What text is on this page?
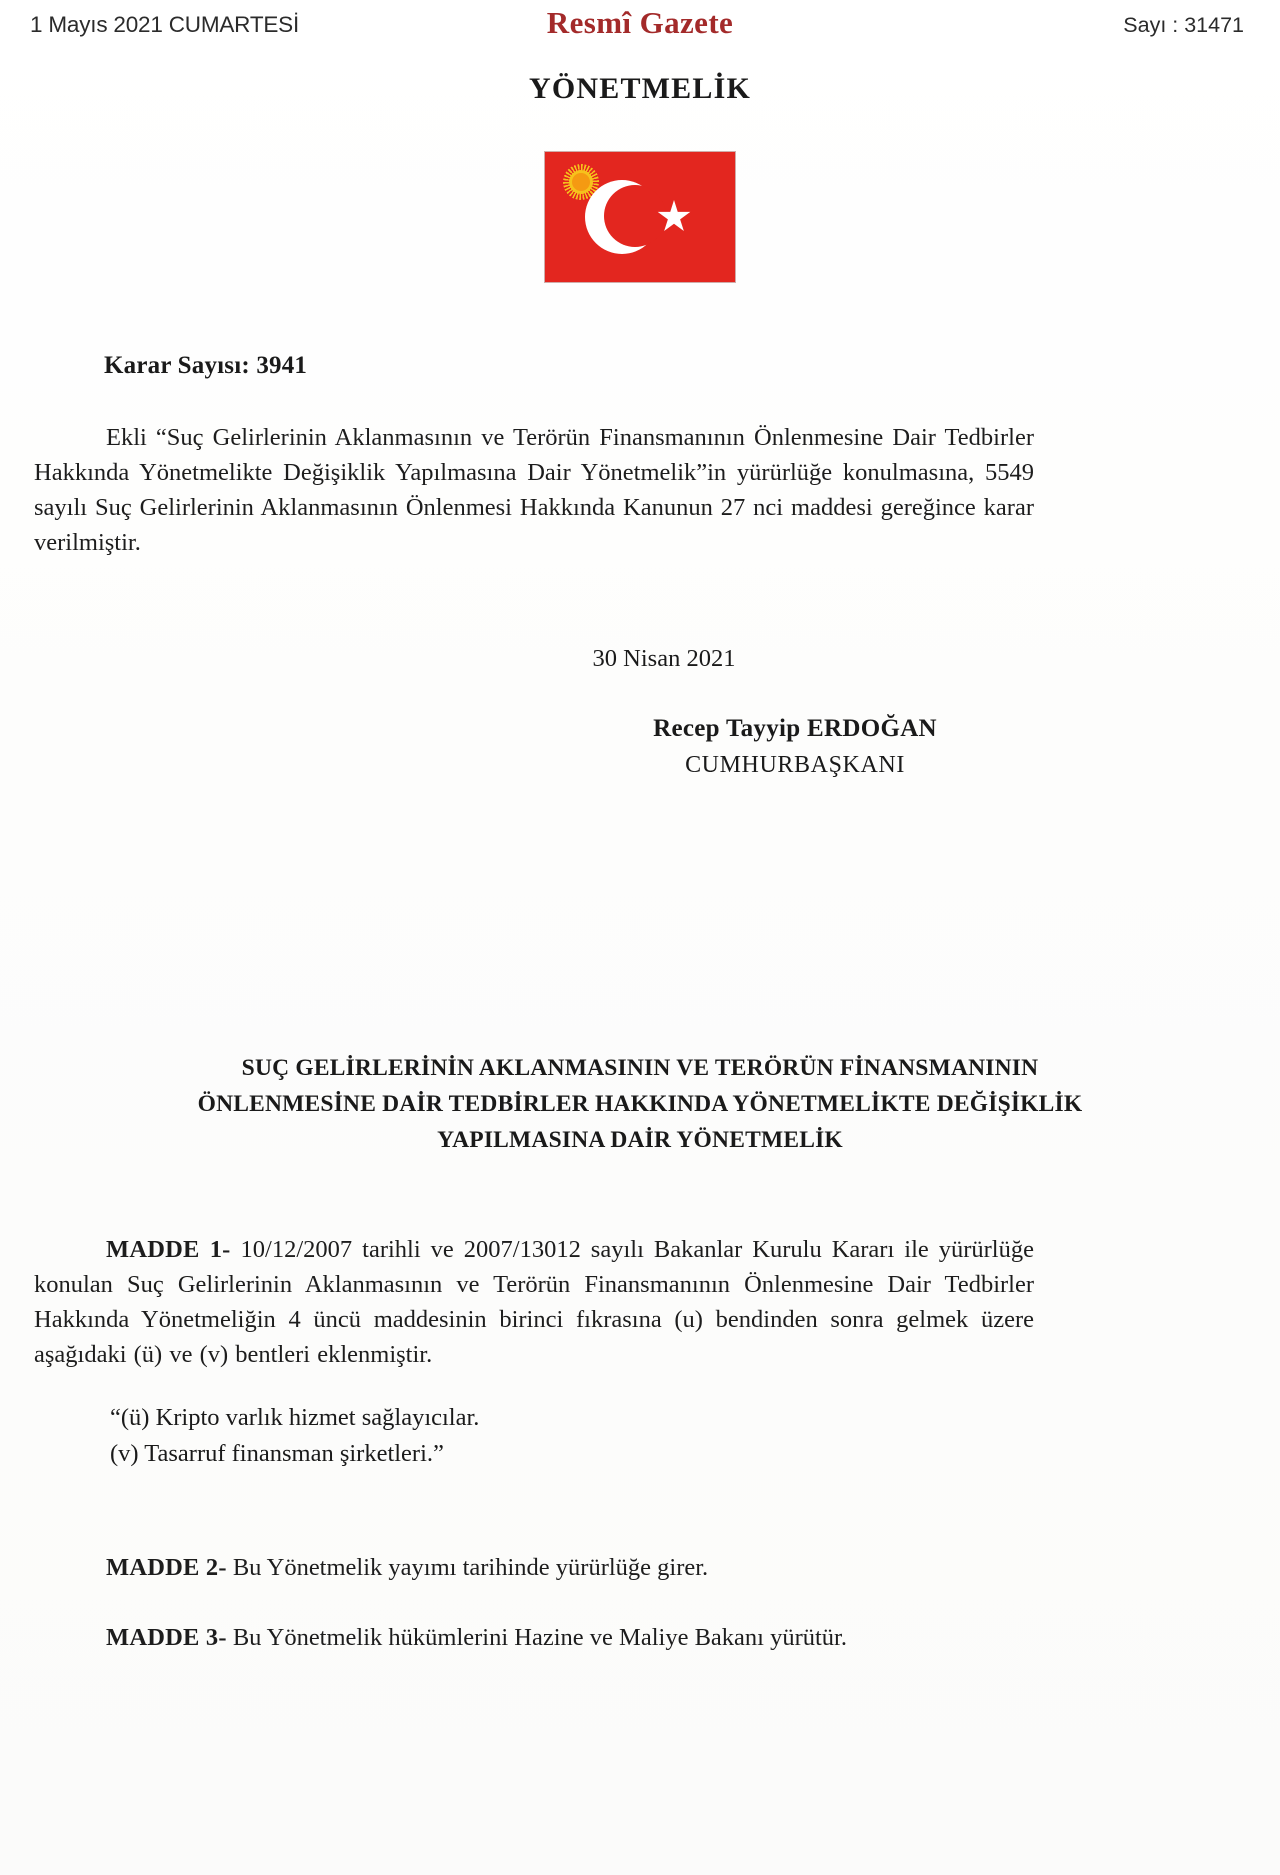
1 Mayıs 2021 CUMARTESİ	Resmî Gazete	Sayı : 31471
YÖNETMELİK
Karar Sayısı: 3941
Ekli “Suç Gelirlerinin Aklanmasının ve Terörün Finansmanının Önlenmesine Dair Tedbirler Hakkında Yönetmelikte Değişiklik Yapılmasına Dair Yönetmelik”in yürürlüğe konulmasına, 5549 sayılı Suç Gelirlerinin Aklanmasının Önlenmesi Hakkında Kanunun 27 nci maddesi gereğince karar verilmiştir.
30 Nisan 2021
Recep Tayyip ERDOĞAN
CUMHURBAŞKANI
SUÇ GELİRLERİNİN AKLANMASININ VE TERÖRÜN FİNANSMANININ
ÖNLENMESİNE DAİR TEDBİRLER HAKKINDA YÖNETMELİKTE DEĞİŞİKLİK
YAPILMASINA DAİR YÖNETMELİK
MADDE 1- 10/12/2007 tarihli ve 2007/13012 sayılı Bakanlar Kurulu Kararı ile yürürlüğe konulan Suç Gelirlerinin Aklanmasının ve Terörün Finansmanının Önlenmesine Dair Tedbirler Hakkında Yönetmeliğin 4 üncü maddesinin birinci fıkrasına (u) bendinden sonra gelmek üzere aşağıdaki (ü) ve (v) bentleri eklenmiştir.
“(ü) Kripto varlık hizmet sağlayıcılar.
(v) Tasarruf finansman şirketleri.”
MADDE 2- Bu Yönetmelik yayımı tarihinde yürürlüğe girer.
MADDE 3- Bu Yönetmelik hükümlerini Hazine ve Maliye Bakanı yürütür.
